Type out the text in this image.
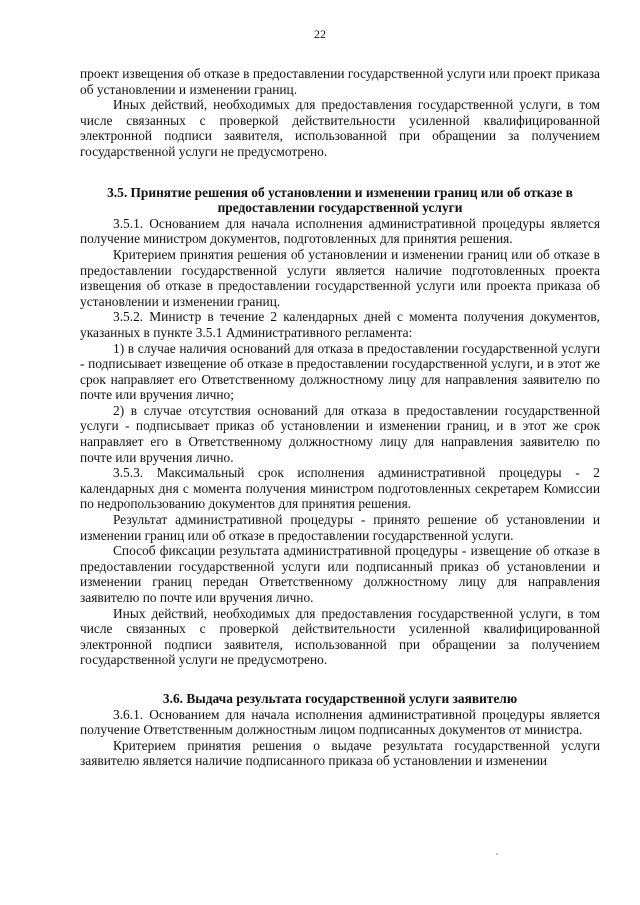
22

проект извещения об отказе в предоставлении государственной услуги или проект приказа об установлении и изменении границ.

Иных действий, необходимых для предоставления государственной услуги, в том числе связанных с проверкой действительности усиленной квалифицированной электронной подписи заявителя, использованной при обращении за получением государственной услуги не предусмотрено.

3.5. Принятие решения об установлении и изменении границ или об отказе в
предоставлении государственной услуги

3.5.1. Основанием для начала исполнения административной процедуры является получение министром документов, подготовленных для принятия решения.

Критерием принятия решения об установлении и изменении границ или об отказе в предоставлении государственной услуги является наличие подготовленных проекта извещения об отказе в предоставлении государственной услуги или проекта приказа об установлении и изменении границ.

3.5.2. Министр в течение 2 календарных дней с момента получения документов, указанных в пункте 3.5.1 Административного регламента:

1) в случае наличия оснований для отказа в предоставлении государственной услуги - подписывает извещение об отказе в предоставлении государственной услуги, и в этот же срок направляет его Ответственному должностному лицу для направления заявителю по почте или вручения лично;

2) в случае отсутствия оснований для отказа в предоставлении государственной услуги - подписывает приказ об установлении и изменении границ, и в этот же срок направляет его в Ответственному должностному лицу для направления заявителю по почте или вручения лично.

3.5.3. Максимальный срок исполнения административной процедуры - 2 календарных дня с момента получения министром подготовленных секретарем Комиссии по недропользованию документов для принятия решения.

Результат административной процедуры - принято решение об установлении и изменении границ или об отказе в предоставлении государственной услуги.

Способ фиксации результата административной процедуры - извещение об отказе в предоставлении государственной услуги или подписанный приказ об установлении и изменении границ передан Ответственному должностному лицу для направления заявителю по почте или вручения лично.

Иных действий, необходимых для предоставления государственной услуги, в том числе связанных с проверкой действительности усиленной квалифицированной электронной подписи заявителя, использованной при обращении за получением государственной услуги не предусмотрено.

3.6. Выдача результата государственной услуги заявителю

3.6.1. Основанием для начала исполнения административной процедуры является получение Ответственным должностным лицом подписанных документов от министра.

Критерием принятия решения о выдаче результата государственной услуги заявителю является наличие подписанного приказа об установлении и изменении
